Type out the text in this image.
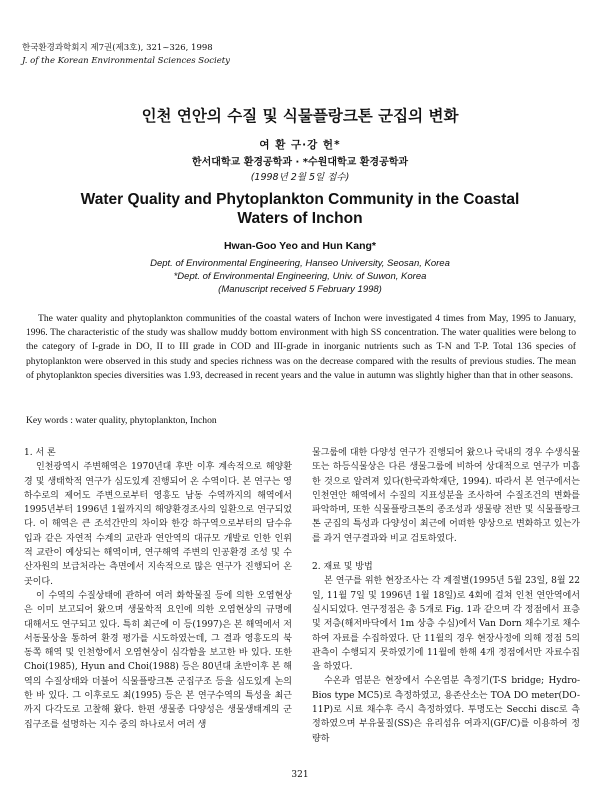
한국환경과학회지 제7권(제3호), 321~326, 1998
J. of the Korean Environmental Sciences Society
인천 연안의 수질 및 식물플랑크톤 군집의 변화
여 환 구·강 헌*
한서대학교 환경공학과 · *수원대학교 환경공학과
(1998년 2월 5일 접수)
Water Quality and Phytoplankton Community in the Coastal
Waters of Inchon
Hwan-Goo Yeo and Hun Kang*
Dept. of Environmental Engineering, Hanseo University, Seosan, Korea
*Dept. of Environmental Engineering, Univ. of Suwon, Korea
(Manuscript received 5 February 1998)
The water quality and phytoplankton communities of the coastal waters of Inchon were investigated 4 times from May, 1995 to January, 1996. The characteristic of the study was shallow muddy bottom environment with high SS concentration. The water qualities were belong to the category of I-grade in DO, II to III grade in COD and III-grade in inorganic nutrients such as T-N and T-P. Total 136 species of phytoplankton were observed in this study and species richness was on the decrease compared with the results of previous studies. The mean of phytoplankton species diversities was 1.93, decreased in recent years and the value in autumn was slightly higher than that in other seasons.
Key words : water quality, phytoplankton, Inchon

1. 서 론

인천광역시 주변해역은 1970년대 후반 이후 계속적으로 해양환경 및 생태학적 연구가 심도있게 진행되어 온 수역이다. 본 연구는 영하수로의 제어도 주변으로부터 영흥도 남동 수역까지의 해역에서 1995년부터 1996년 1월까지의 해양환경조사의 일환으로 연구되었다. 이 해역은 큰 조석간만의 차이와 한강 하구역으로부터의 담수유입과 같은 자연적 수계의 교란과 연안역의 대규모 개발로 인한 인위적 교란이 예상되는 해역이며, 연구해역 주변의 인공환경 조성 및 수산자원의 보급처라는 측면에서 지속적으로 많은 연구가 진행되어 온 곳이다.

이 수역의 수질상태에 관하여 여러 화학물질 등에 의한 오염현상은 이미 보고되어 왔으며 생물학적 요인에 의한 오염현상의 규명에 대해서도 연구되고 있다. 특히 최근에 이 등(1997)은 본 해역에서 저서동물상을 통하여 환경 평가를 시도하였는데, 그 결과 영흥도의 북동쪽 해역 및 인천항에서 오염현상이 심각함을 보고한 바 있다. 또한 Choi(1985), Hyun and Choi(1988) 등은 80년대 초반이후 본 해역의 수질상태와 더불어 식물플랑크톤 군집구조 등을 심도있게 논의한 바 있다. 그 이후로도 최(1995) 등은 본 연구수역의 특성을 최근까지 다각도로 고찰해 왔다. 한편 생물종 다양성은 생물생태계의 군집구조를 설명하는 지수 중의 하나로서 여러 생

물그룹에 대한 다양성 연구가 진행되어 왔으나 국내의 경우 수생식물 또는 하등식물상은 다른 생물그룹에 비하여 상대적으로 연구가 미흡한 것으로 알려져 있다(한국과학재단, 1994). 따라서 본 연구에서는 인천연안 해역에서 수질의 지표성분을 조사하여 수질조건의 변화를 파악하며, 또한 식물플랑크톤의 종조성과 생물량 전반 및 식물플랑크톤 군집의 특성과 다양성이 최근에 어떠한 양상으로 변화하고 있는가를 과거 연구결과와 비교 검토하였다.

2. 재료 및 방법

본 연구를 위한 현장조사는 각 계절별(1995년 5월 23일, 8월 22일, 11월 7일 및 1996년 1월 18일)로 4회에 걸쳐 인천 연안역에서 실시되었다. 연구정점은 총 5개로 Fig. 1과 같으며 각 정점에서 표층 및 저층(해저바닥에서 1m 상층 수심)에서 Van Dorn 채수기로 채수하여 자료를 수집하였다. 단 11월의 경우 현장사정에 의해 정점 5의 관측이 수행되지 못하였기에 11월에 한해 4개 정점에서만 자료수집을 하였다.

수온과 염분은 현장에서 수온염분 측정기(T-S bridge; Hydro-Bios type MC5)로 측정하였고, 용존산소는 TOA DO meter(DO-11P)로 시료 채수후 즉시 측정하였다. 투명도는 Secchi disc로 측정하였으며 부유물질(SS)은 유리섬유 여과지(GF/C)를 이용하여 정량하

321
